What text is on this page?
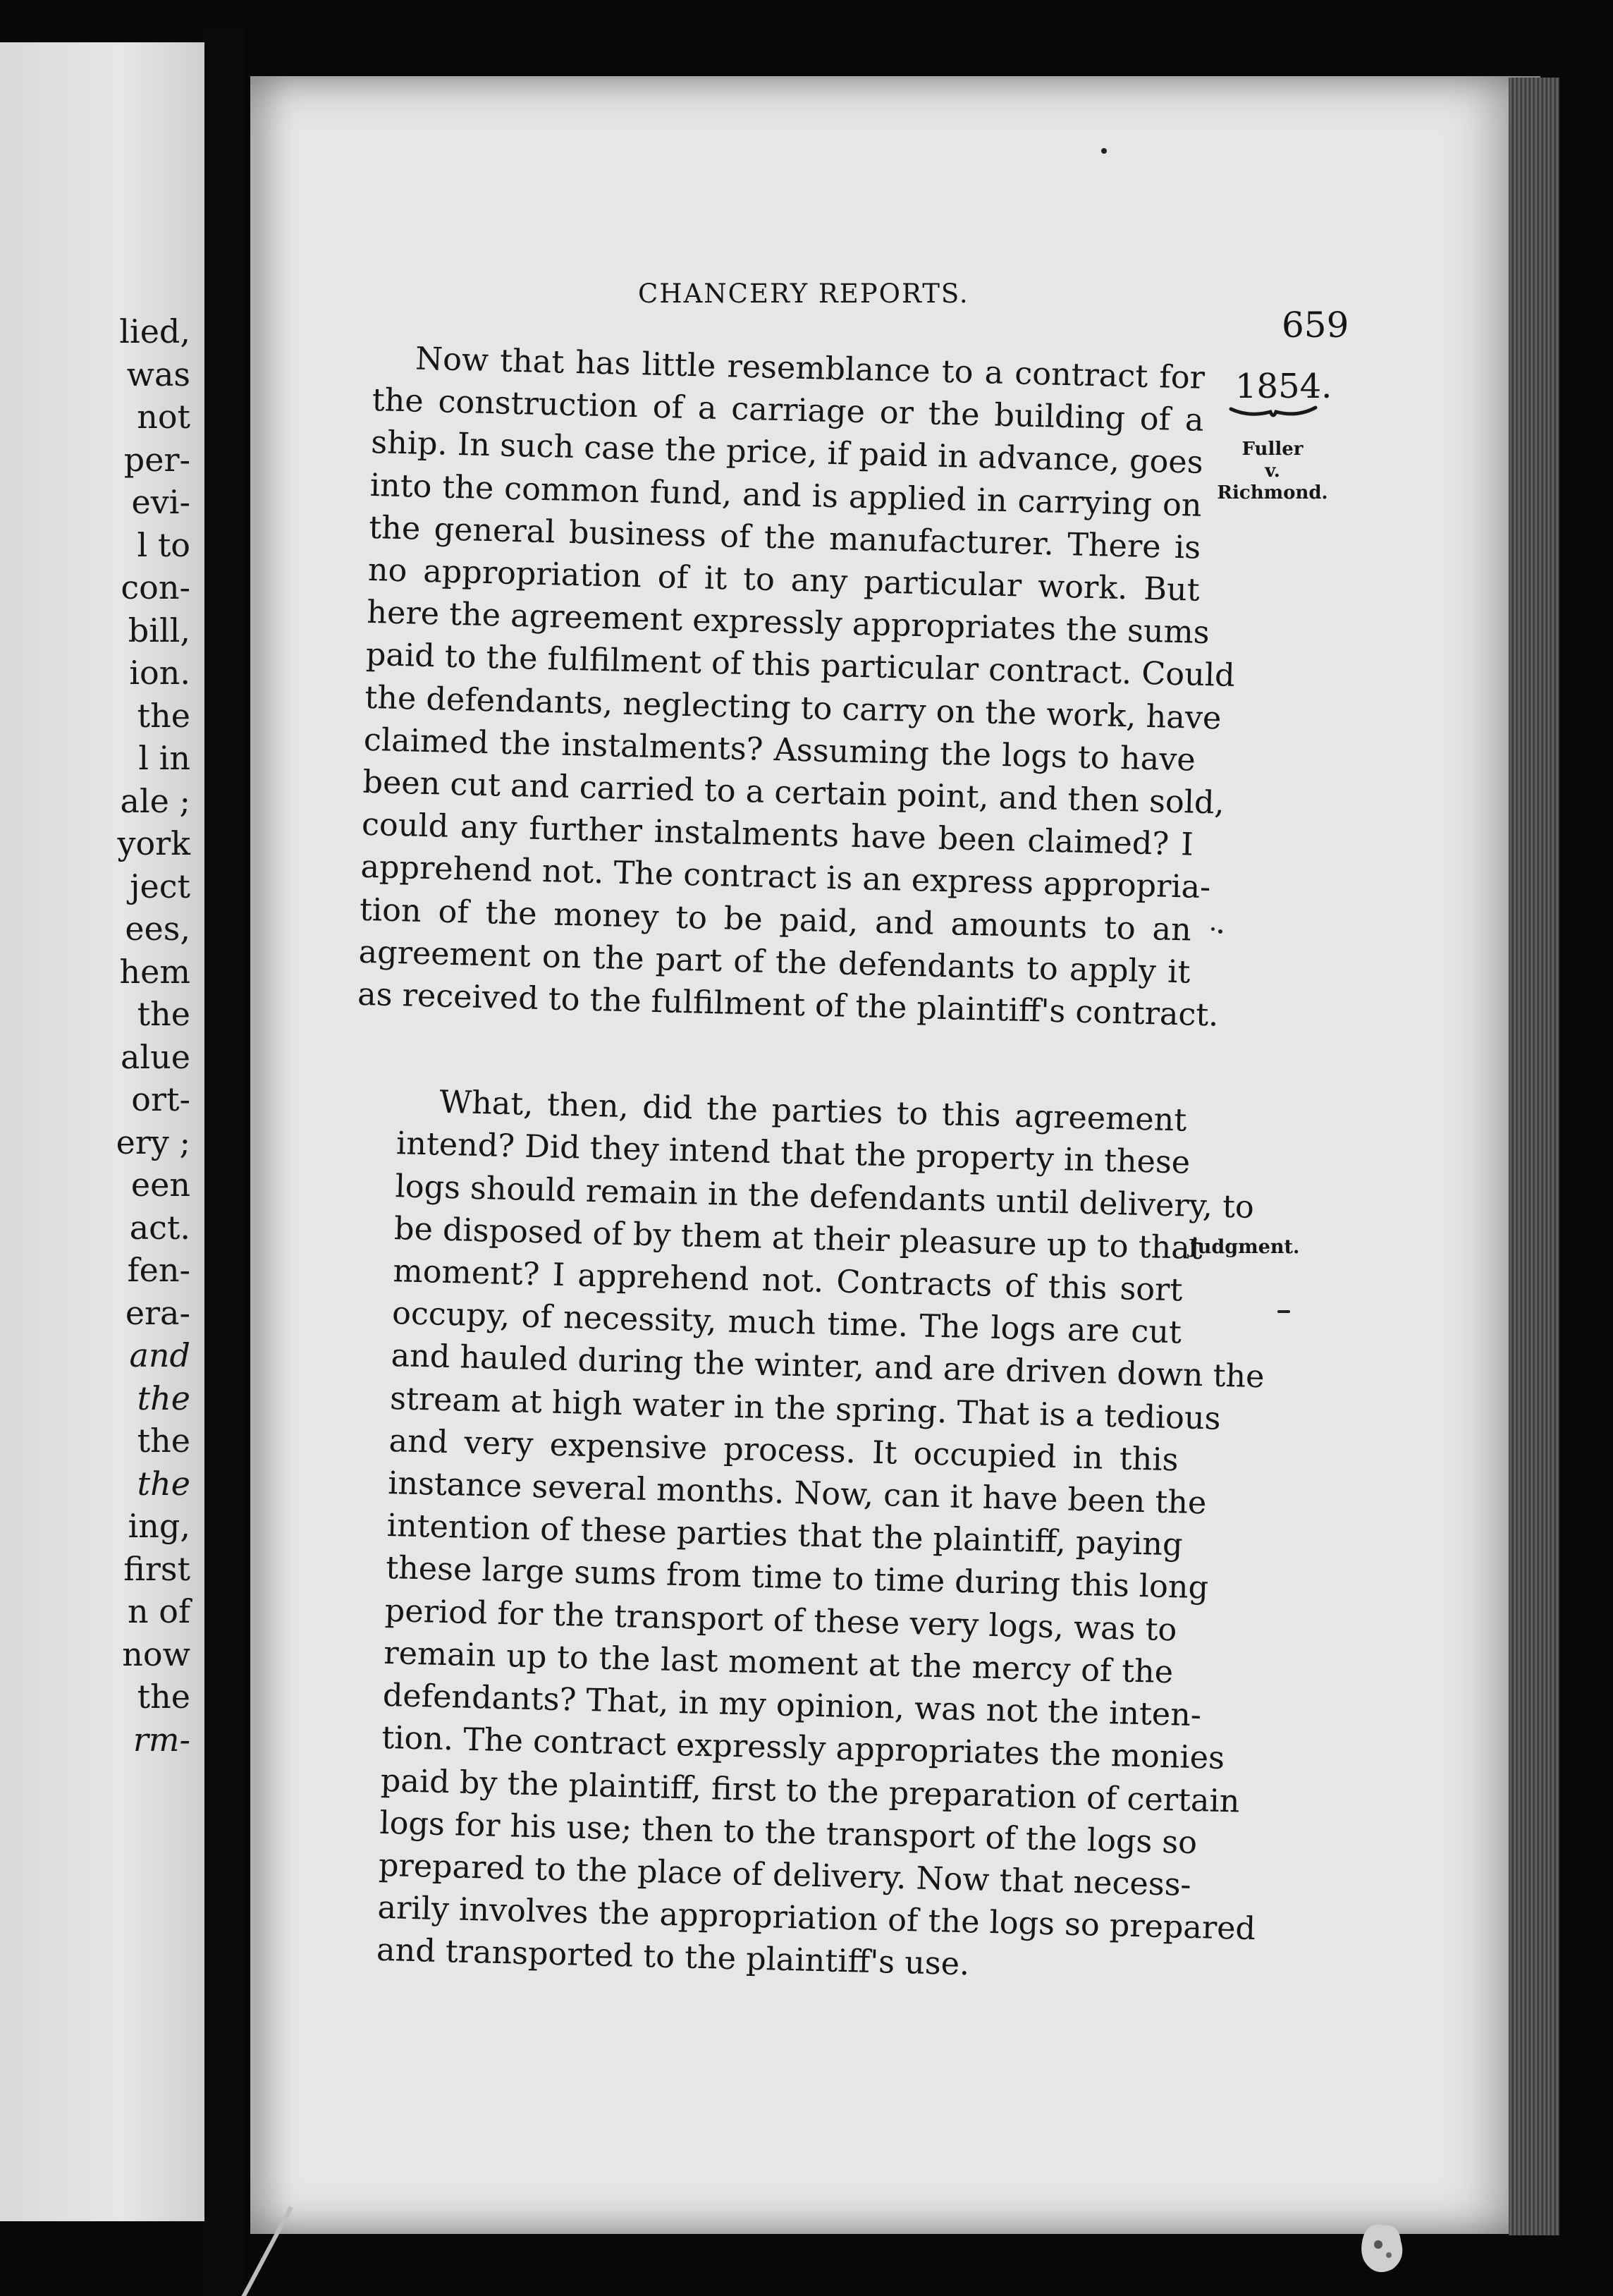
lied,
was
not
per-
evi-
l to
con-
bill,
ion.
the
l in
ale ;
york
ject
ees,
hem
the
alue
ort-
ery ;
een
act.
fen-
era-
and
the
the
the
ing,
first
n of
now
the
rm-
CHANCERY REPORTS.
659
1854.
Fuller
v.
Richmond.
Judgment.

Now that has little resemblance to a contract for
the construction of a carriage or the building of a
ship. In such case the price, if paid in advance, goes
into the common fund, and is applied in carrying on
the general business of the manufacturer. There is
no appropriation of it to any particular work. But
here the agreement expressly appropriates the sums
paid to the fulfilment of this particular contract. Could
the defendants, neglecting to carry on the work, have
claimed the instalments? Assuming the logs to have
been cut and carried to a certain point, and then sold,
could any further instalments have been claimed? I
apprehend not. The contract is an express appropria-
tion of the money to be paid, and amounts to an
agreement on the part of the defendants to apply it
as received to the fulfilment of the plaintiff's contract.

What, then, did the parties to this agreement
intend? Did they intend that the property in these
logs should remain in the defendants until delivery, to
be disposed of by them at their pleasure up to that
moment? I apprehend not. Contracts of this sort
occupy, of necessity, much time. The logs are cut
and hauled during the winter, and are driven down the
stream at high water in the spring. That is a tedious
and very expensive process. It occupied in this
instance several months. Now, can it have been the
intention of these parties that the plaintiff, paying
these large sums from time to time during this long
period for the transport of these very logs, was to
remain up to the last moment at the mercy of the
defendants? That, in my opinion, was not the inten-
tion. The contract expressly appropriates the monies
paid by the plaintiff, first to the preparation of certain
logs for his use; then to the transport of the logs so
prepared to the place of delivery. Now that necess-
arily involves the appropriation of the logs so prepared
and transported to the plaintiff's use.
